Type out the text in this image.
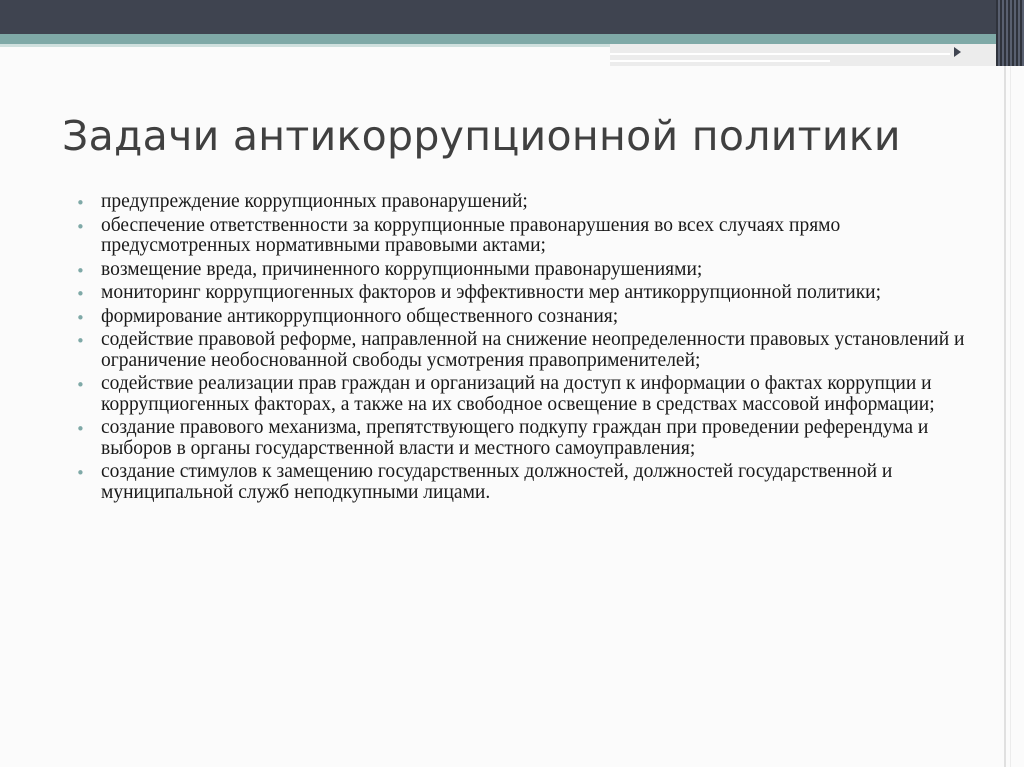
Задачи антикоррупционной политики
• предупреждение коррупционных правонарушений;
• обеспечение ответственности за коррупционные правонарушения во всех случаях прямо предусмотренных нормативными правовыми актами;
• возмещение вреда, причиненного коррупционными правонарушениями;
• мониторинг коррупциогенных факторов и эффективности мер антикоррупционной политики;
• формирование антикоррупционного общественного сознания;
• содействие правовой реформе, направленной на снижение неопределенности правовых установлений и ограничение необоснованной свободы усмотрения правоприменителей;
• содействие реализации прав граждан и организаций на доступ к информации о фактах коррупции и коррупциогенных факторах, а также на их свободное освещение в средствах массовой информации;
• создание правового механизма, препятствующего подкупу граждан при проведении референдума и выборов в органы государственной власти и местного самоуправления;
• создание стимулов к замещению государственных должностей, должностей государственной и муниципальной служб неподкупными лицами.
